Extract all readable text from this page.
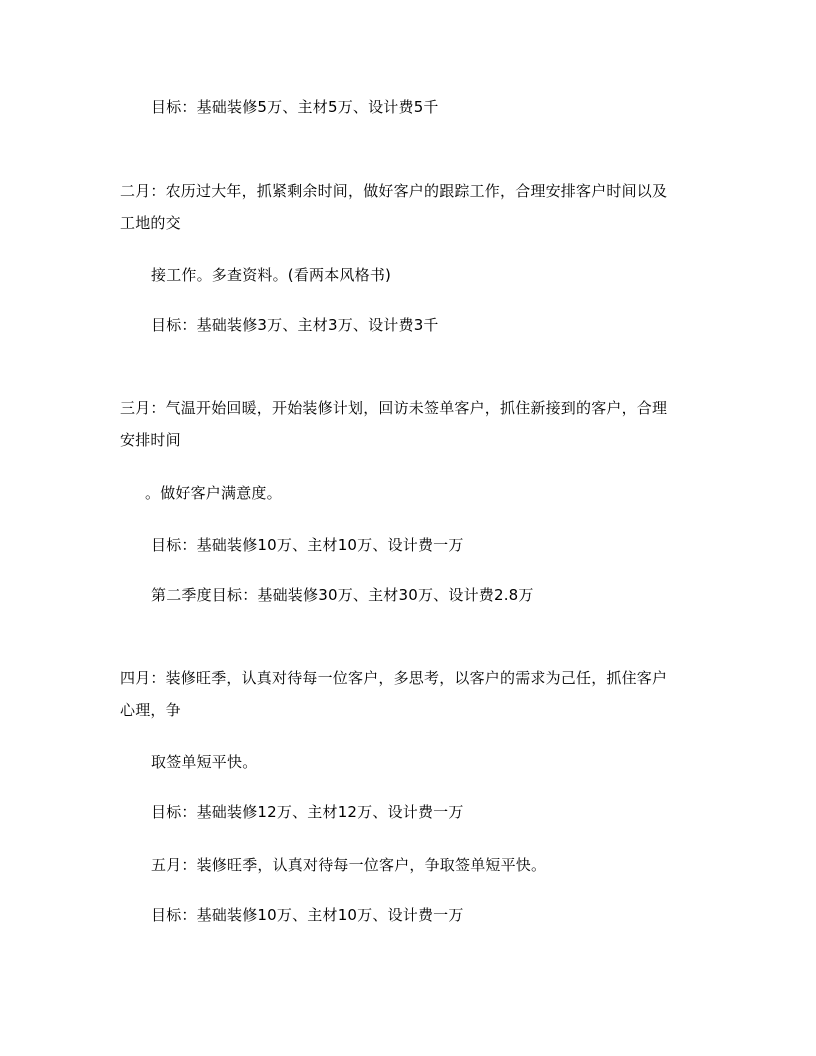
目标：基础装修5万、主材5万、设计费5千
二月：农历过大年，抓紧剩余时间，做好客户的跟踪工作，合理安排客户时间以及
工地的交
接工作。多查资料。(看两本风格书)
目标：基础装修3万、主材3万、设计费3千
三月：气温开始回暖，开始装修计划，回访未签单客户，抓住新接到的客户，合理
安排时间
。做好客户满意度。
目标：基础装修10万、主材10万、设计费一万
第二季度目标：基础装修30万、主材30万、设计费2.8万
四月：装修旺季，认真对待每一位客户，多思考，以客户的需求为己任，抓住客户
心理，争
取签单短平快。
目标：基础装修12万、主材12万、设计费一万
五月：装修旺季，认真对待每一位客户，争取签单短平快。
目标：基础装修10万、主材10万、设计费一万
